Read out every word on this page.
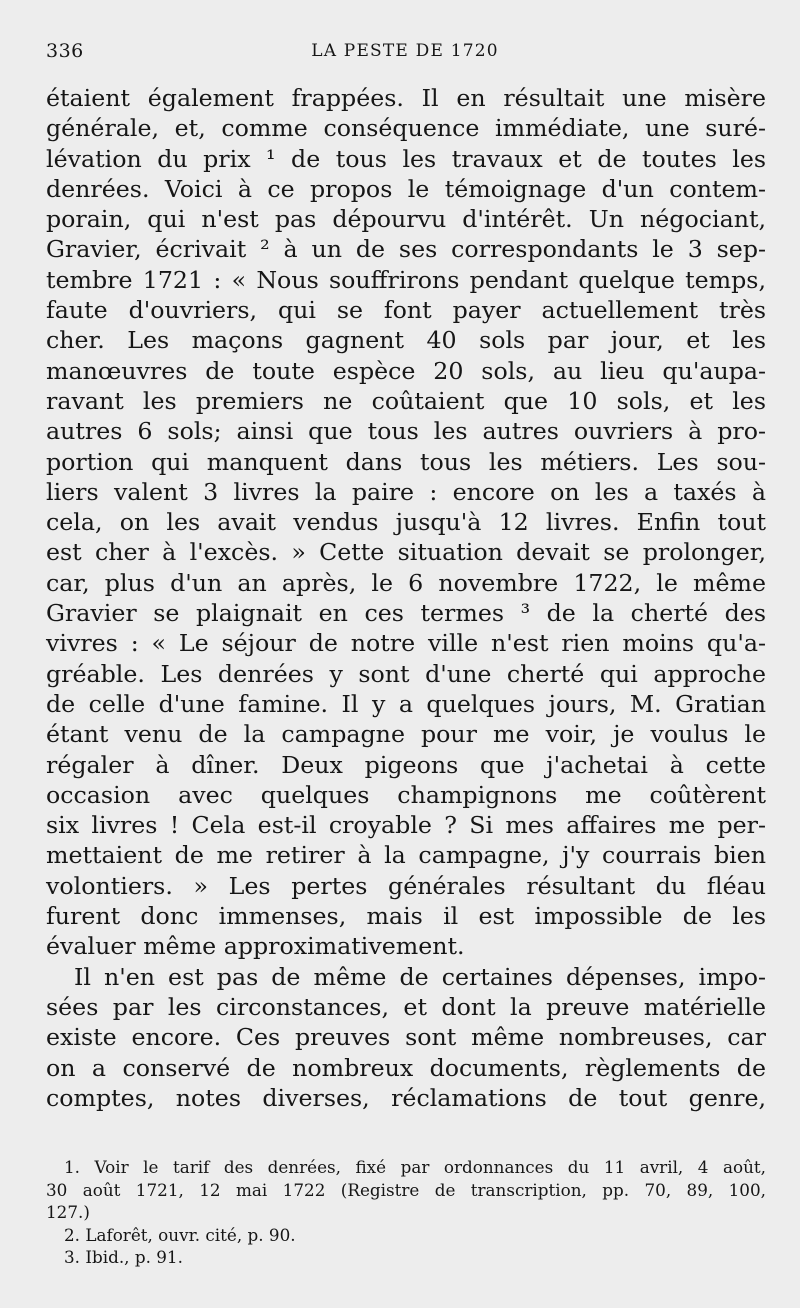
336	LA PESTE DE 1720
étaient également frappées. Il en résultait une misère
générale, et, comme conséquence immédiate, une suré-
lévation du prix ¹ de tous les travaux et de toutes les
denrées. Voici à ce propos le témoignage d'un contem-
porain, qui n'est pas dépourvu d'intérêt. Un négociant,
Gravier, écrivait ² à un de ses correspondants le 3 sep-
tembre 1721 : « Nous souffrirons pendant quelque temps,
faute d'ouvriers, qui se font payer actuellement très
cher. Les maçons gagnent 40 sols par jour, et les
manœuvres de toute espèce 20 sols, au lieu qu'aupa-
ravant les premiers ne coûtaient que 10 sols, et les
autres 6 sols; ainsi que tous les autres ouvriers à pro-
portion qui manquent dans tous les métiers. Les sou-
liers valent 3 livres la paire : encore on les a taxés à
cela, on les avait vendus jusqu'à 12 livres. Enfin tout
est cher à l'excès. » Cette situation devait se prolonger,
car, plus d'un an après, le 6 novembre 1722, le même
Gravier se plaignait en ces termes ³ de la cherté des
vivres : « Le séjour de notre ville n'est rien moins qu'a-
gréable. Les denrées y sont d'une cherté qui approche
de celle d'une famine. Il y a quelques jours, M. Gratian
étant venu de la campagne pour me voir, je voulus le
régaler à dîner. Deux pigeons que j'achetai à cette
occasion avec quelques champignons me coûtèrent
six livres ! Cela est-il croyable ? Si mes affaires me per-
mettaient de me retirer à la campagne, j'y courrais bien
volontiers. » Les pertes générales résultant du fléau
furent donc immenses, mais il est impossible de les
évaluer même approximativement.
Il n'en est pas de même de certaines dépenses, impo-
sées par les circonstances, et dont la preuve matérielle
existe encore. Ces preuves sont même nombreuses, car
on a conservé de nombreux documents, règlements de
comptes, notes diverses, réclamations de tout genre,
1. Voir le tarif des denrées, fixé par ordonnances du 11 avril, 4 août,
30 août 1721, 12 mai 1722 (Registre de transcription, pp. 70, 89, 100,
127.)
2. Laforêt, ouvr. cité, p. 90.
3. Ibid., p. 91.
